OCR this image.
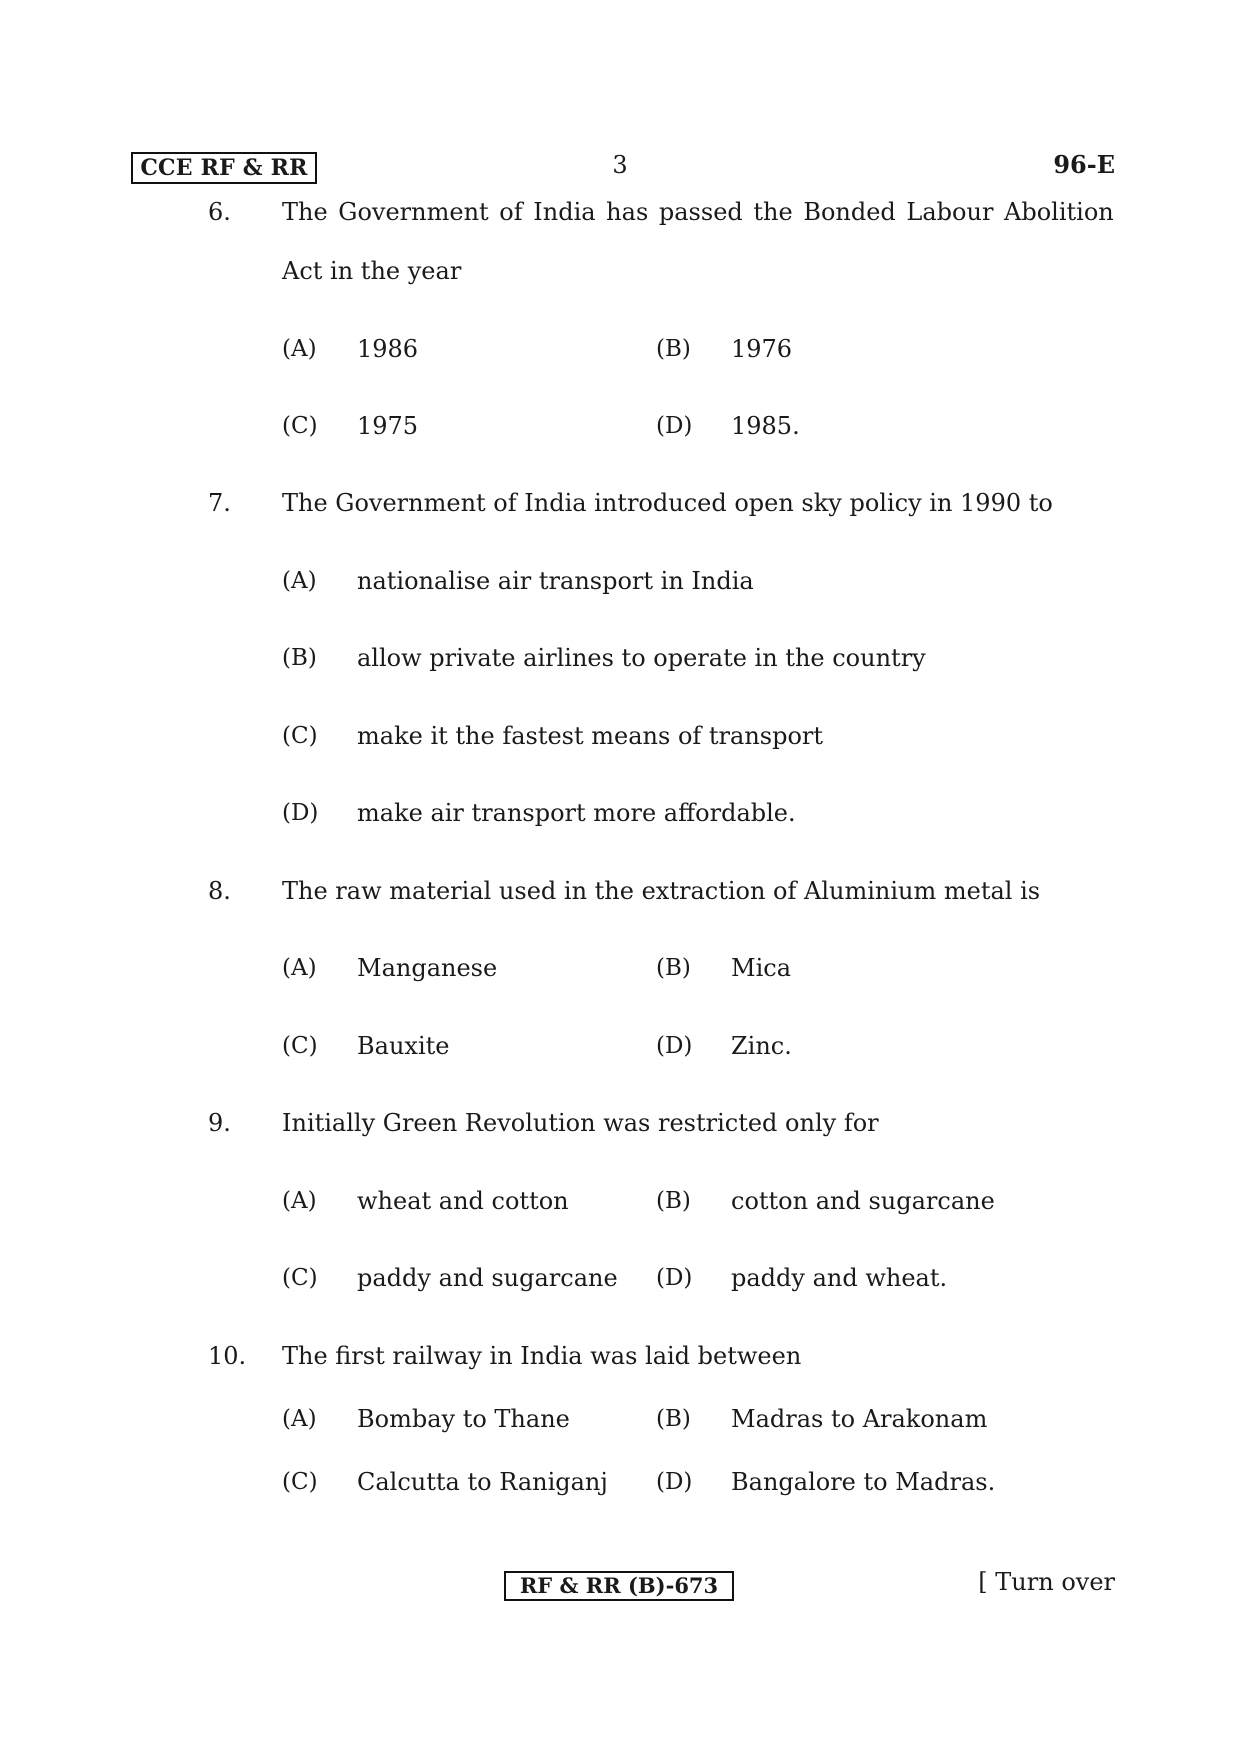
CCE RF & RR	3	96-E
6. The Government of India has passed the Bonded Labour Abolition
Act in the year
(A) 1986	(B) 1976
(C) 1975	(D) 1985.
7. The Government of India introduced open sky policy in 1990 to
(A) nationalise air transport in India
(B) allow private airlines to operate in the country
(C) make it the fastest means of transport
(D) make air transport more affordable.
8. The raw material used in the extraction of Aluminium metal is
(A) Manganese	(B) Mica
(C) Bauxite	(D) Zinc.
9. Initially Green Revolution was restricted only for
(A) wheat and cotton	(B) cotton and sugarcane
(C) paddy and sugarcane (D) paddy and wheat.
10. The first railway in India was laid between
(A) Bombay to Thane	(B) Madras to Arakonam
(C) Calcutta to Raniganj (D) Bangalore to Madras.
RF & RR (B)-673	[ Turn over
